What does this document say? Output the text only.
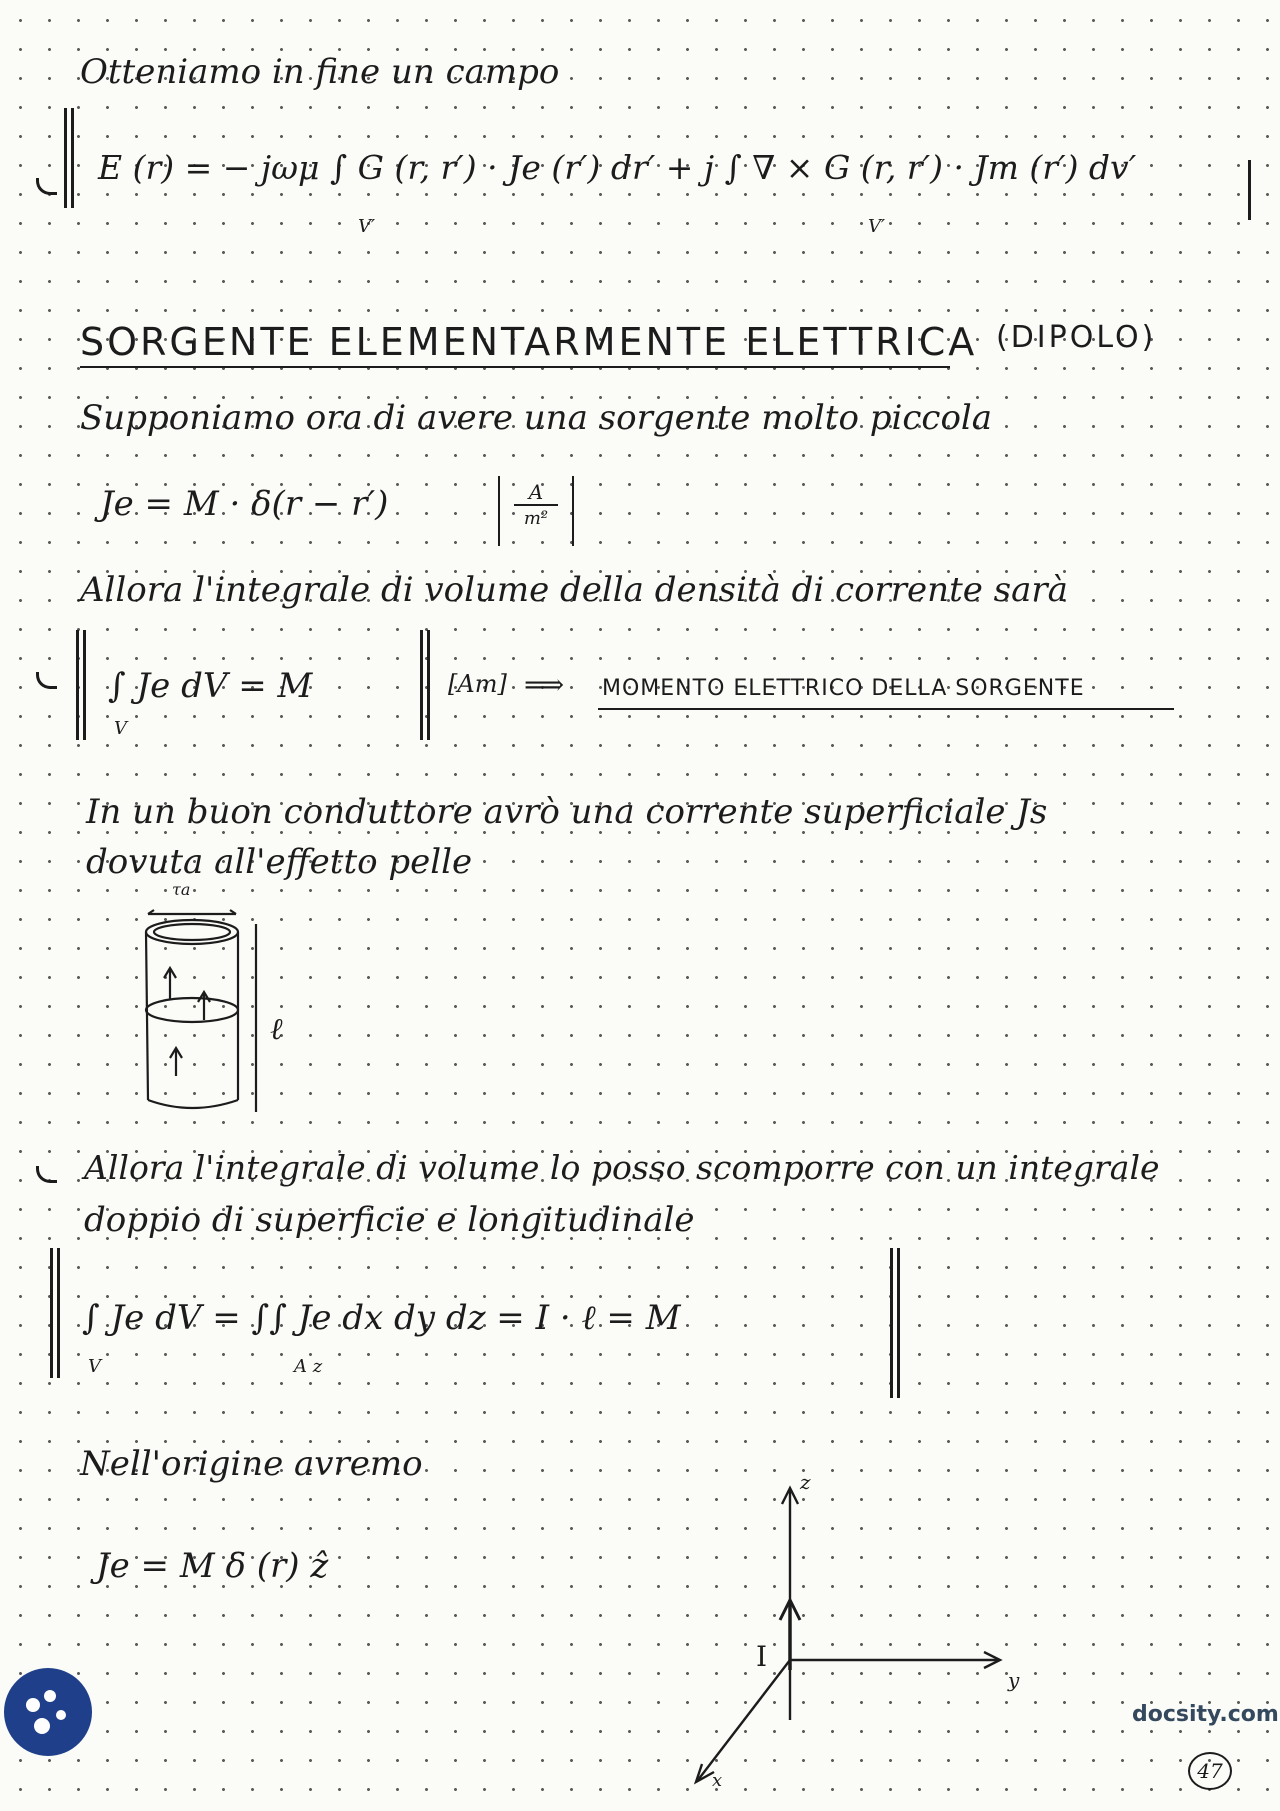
Otteniamo in fine un campo
E (r) = − jωμ ∫ G (r, r′) · Je (r′) dr′ + j ∫ ∇ × G (r, r′) · Jm (r′) dv′
V′	V′
SORGENTE ELEMENTARMENTE ELETTRICA (DIPOLO)
Supponiamo ora di avere una sorgente molto piccola
Je = M · δ(r − r′)	A
m²
Allora l'integrale di volume della densità di corrente sarà
∫ Je dV = M
V
[Am] ⟹ MOMENTO ELETTRICO DELLA SORGENTE
In un buon conduttore avrò una corrente superficiale Js
dovuta all'effetto pelle
τa
ℓ
Allora l'integrale di volume lo posso scomporre con un integrale
doppio di superficie e longitudinale
∫ Je dV = ∫∫ Je dx dy dz = I · ℓ = M
V	A z
Nell'origine avremo
Je = M δ (r) ẑ
z
y
x
I
docsity.com
47
